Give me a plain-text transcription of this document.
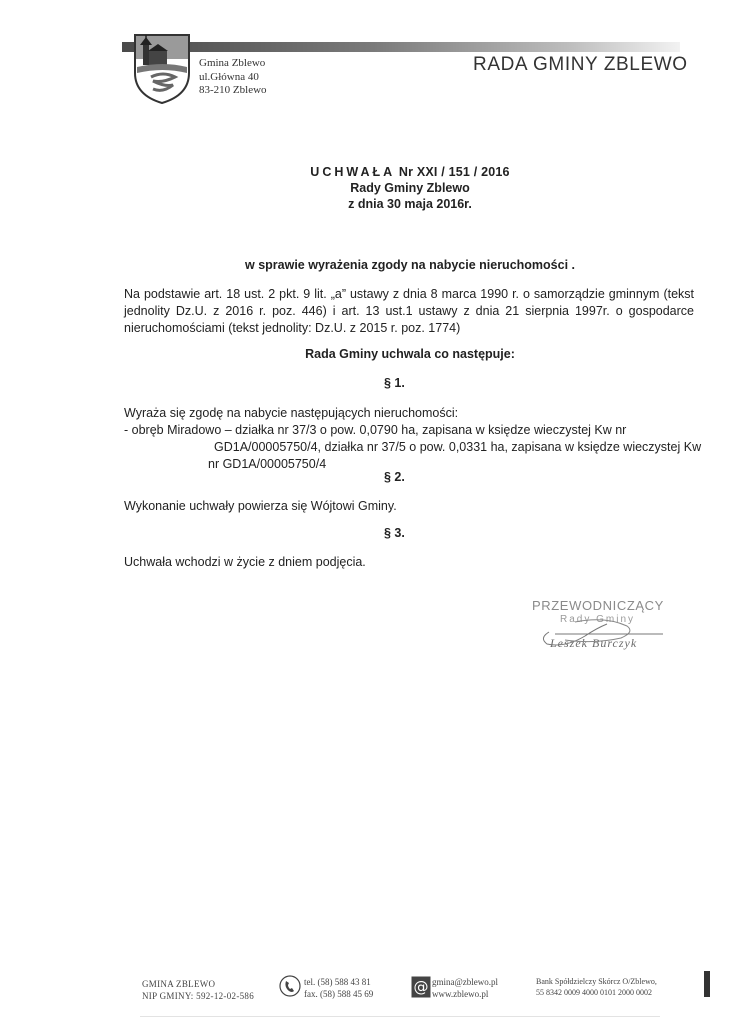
Gmina Zblewo
ul.Główna 40
83-210 Zblewo
RADA GMINY ZBLEWO
UCHWAŁA Nr XXI / 151 / 2016
Rady Gminy Zblewo
z dnia 30 maja 2016r.
w sprawie wyrażenia zgody na nabycie nieruchomości .
Na podstawie art. 18 ust. 2 pkt. 9 lit. „a” ustawy z dnia 8 marca 1990 r. o samorządzie gminnym (tekst jednolity Dz.U. z 2016 r. poz. 446) i art. 13 ust.1 ustawy z dnia 21 sierpnia 1997r. o gospodarce nieruchomościami (tekst jednolity: Dz.U. z 2015 r. poz. 1774)
Rada Gminy uchwala co następuje:
§ 1.
Wyraża się zgodę na nabycie następujących nieruchomości:
- obręb Miradowo – działka nr 37/3 o pow. 0,0790 ha, zapisana w księdze wieczystej Kw nr
GD1A/00005750/4, działka nr 37/5 o pow. 0,0331 ha, zapisana w księdze wieczystej Kw
nr GD1A/00005750/4
§ 2.
Wykonanie uchwały powierza się Wójtowi Gminy.
§ 3.
Uchwała wchodzi w życie z dniem podjęcia.
PRZEWODNICZĄCY
Rady Gminy
Leszek Burczyk
GMINA ZBLEWO
NIP GMINY: 592-12-02-586
tel. (58) 588 43 81
fax. (58) 588 45 69	@ gmina@zblewo.pl
www.zblewo.pl
Bank Spółdzielczy Skórcz O/Zblewo,
55 8342 0009 4000 0101 2000 0002
